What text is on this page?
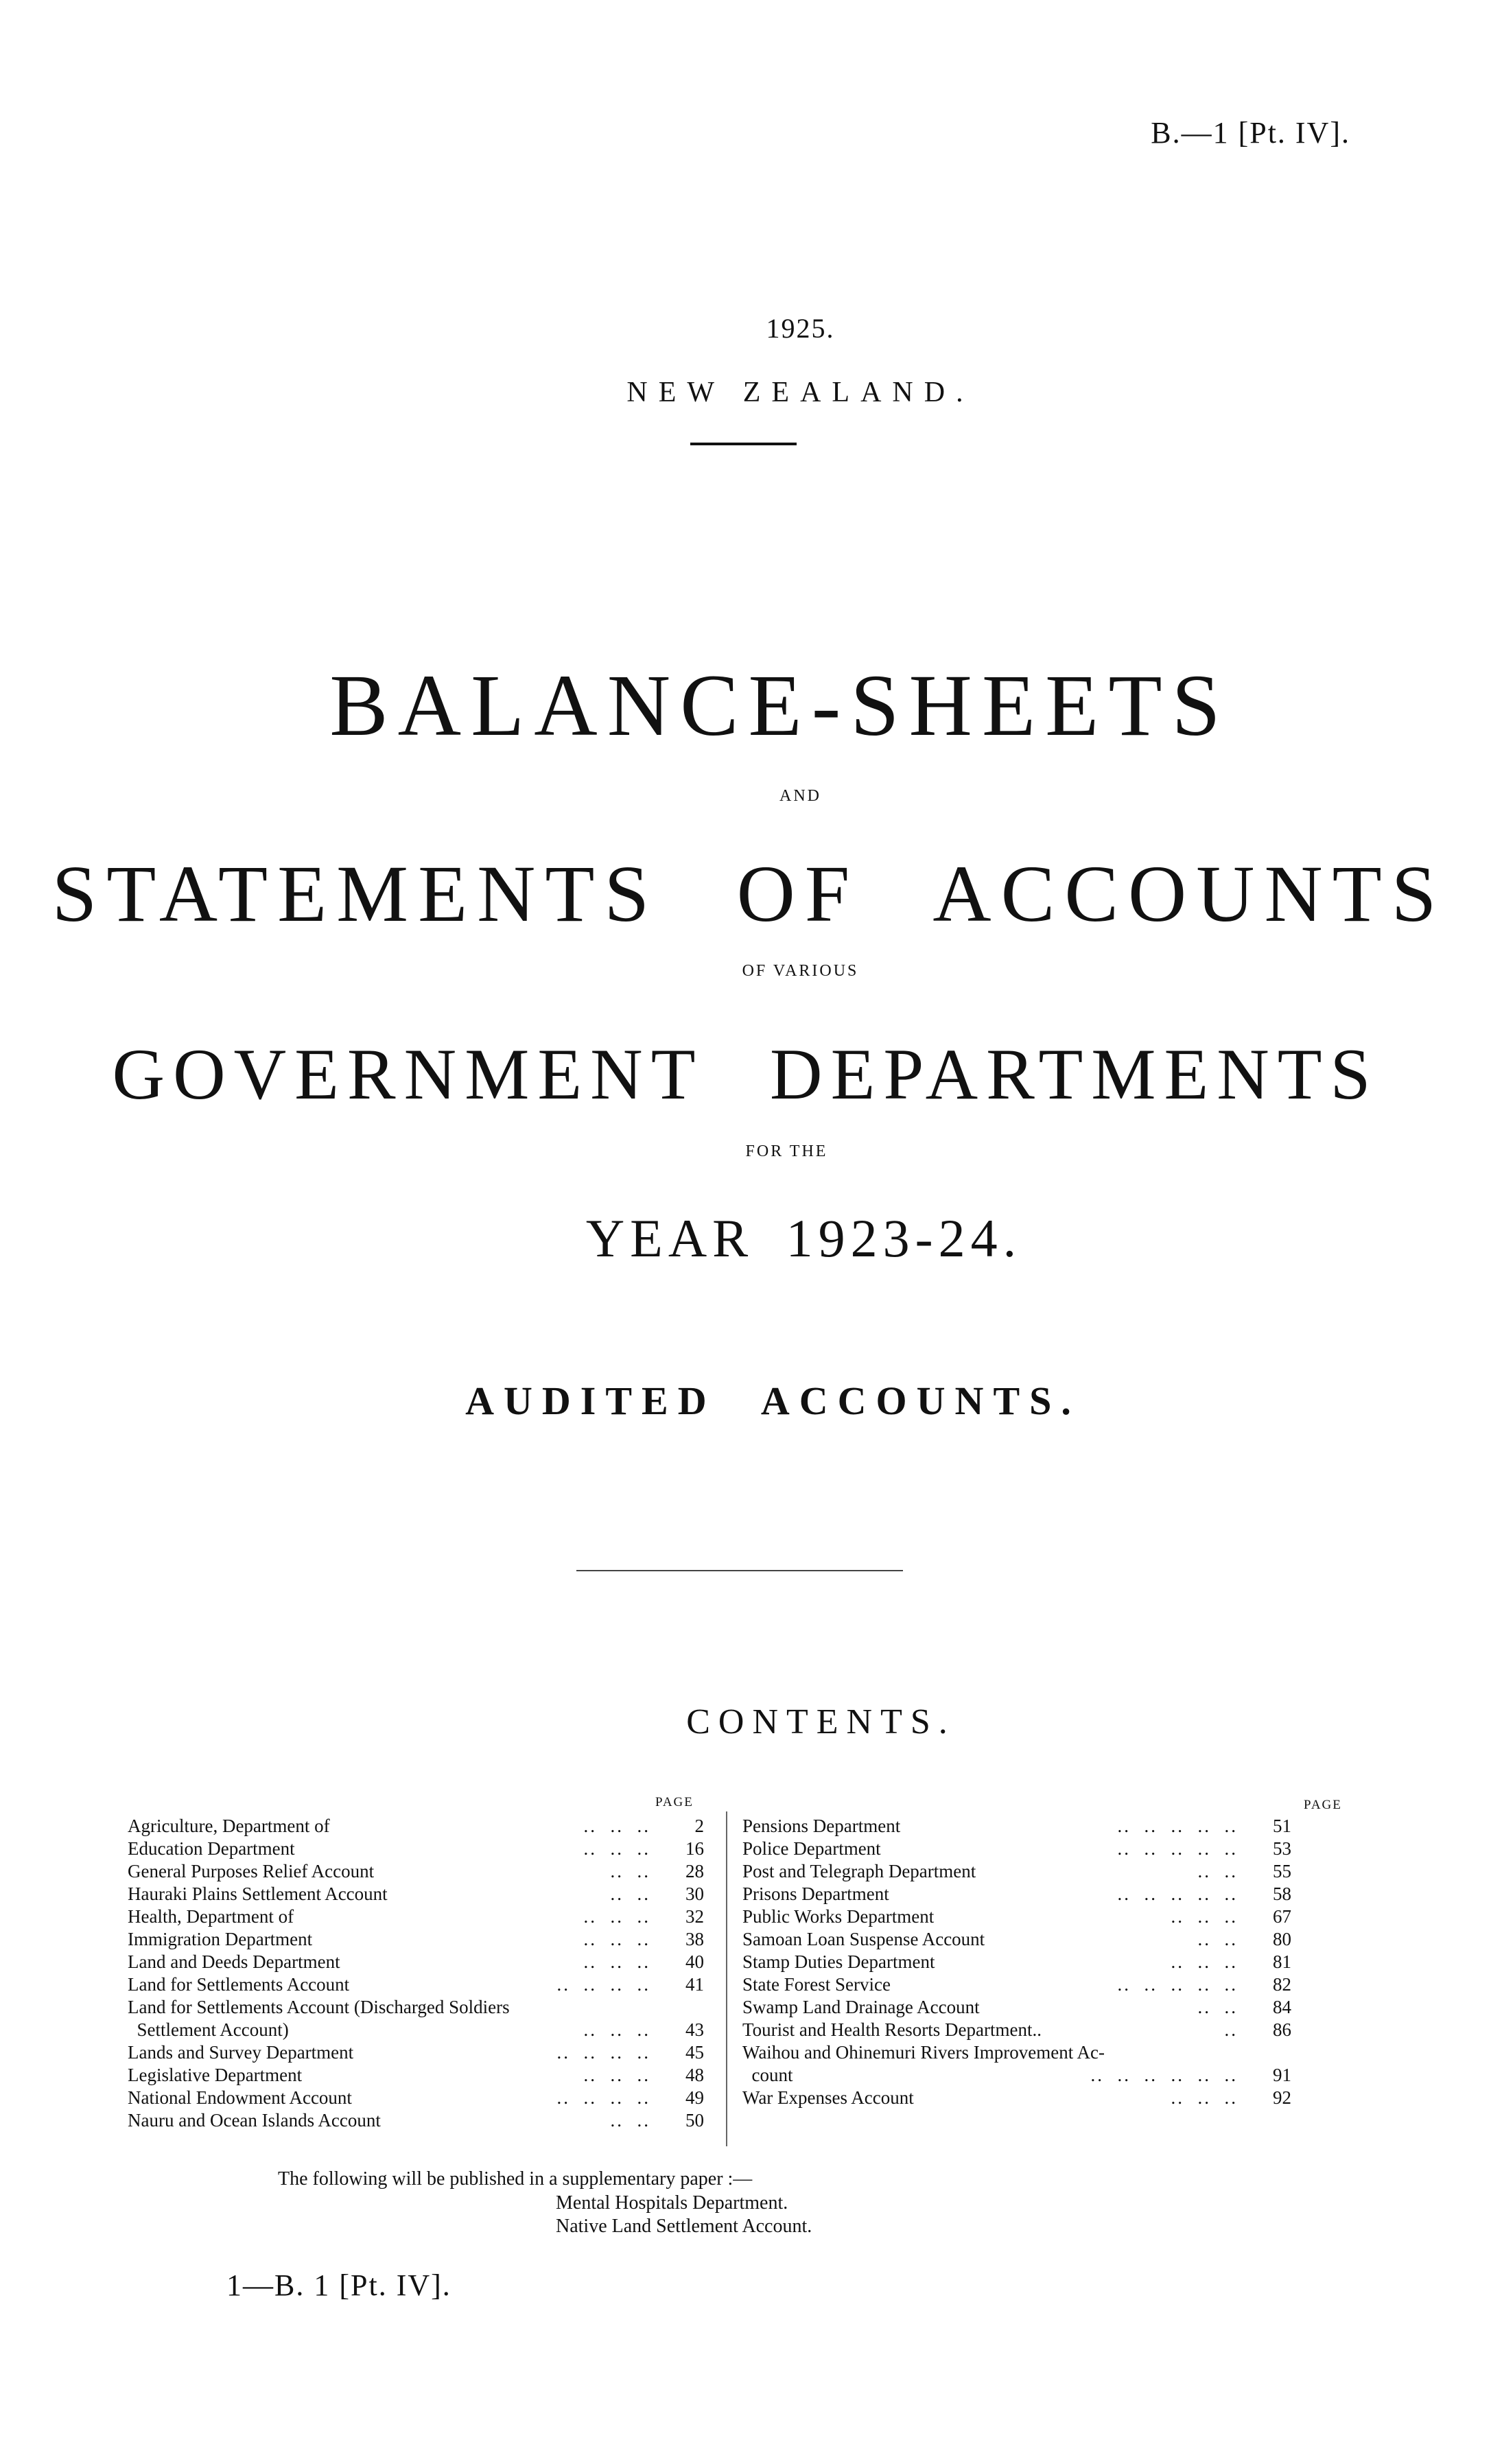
B.—1 [Pt. IV].
1925.
NEW ZEALAND.
BALANCE-SHEETS
AND
STATEMENTS OF ACCOUNTS
OF VARIOUS
GOVERNMENT DEPARTMENTS
FOR THE
YEAR 1923-24.
AUDITED ACCOUNTS.
CONTENTS.
PAGE	PAGE
Agriculture, Department of	..  ..  ..	2
Education Department	..  ..  ..	16
General Purposes Relief Account	..  ..	28
Hauraki Plains Settlement Account	..  ..	30
Health, Department of	..  ..  ..	32
Immigration Department	..  ..  ..	38
Land and Deeds Department	..  ..  ..	40
Land for Settlements Account	..  ..  ..  ..	41
Land for Settlements Account (Discharged Soldiers
Settlement Account)	..  ..  ..	43
Lands and Survey Department	..  ..  ..  ..	45
Legislative Department	..  ..  ..	48
National Endowment Account	..  ..  ..  ..	49
Nauru and Ocean Islands Account	..  ..	50
Pensions Department	..  ..  ..  ..  ..	51
Police Department	..  ..  ..  ..  ..	53
Post and Telegraph Department	..  ..	55
Prisons Department	..  ..  ..  ..  ..	58
Public Works Department	..  ..  ..	67
Samoan Loan Suspense Account	..  ..	80
Stamp Duties Department	..  ..  ..	81
State Forest Service	..  ..  ..  ..  ..	82
Swamp Land Drainage Account	..  ..	84
Tourist and Health Resorts Department..	..	86
Waihou and Ohinemuri Rivers Improvement Ac-
count	..  ..  ..  ..  ..  ..	91
War Expenses Account	..  ..  ..	92
The following will be published in a supplementary paper :—
Mental Hospitals Department.
Native Land Settlement Account.
1—B. 1 [Pt. IV].
